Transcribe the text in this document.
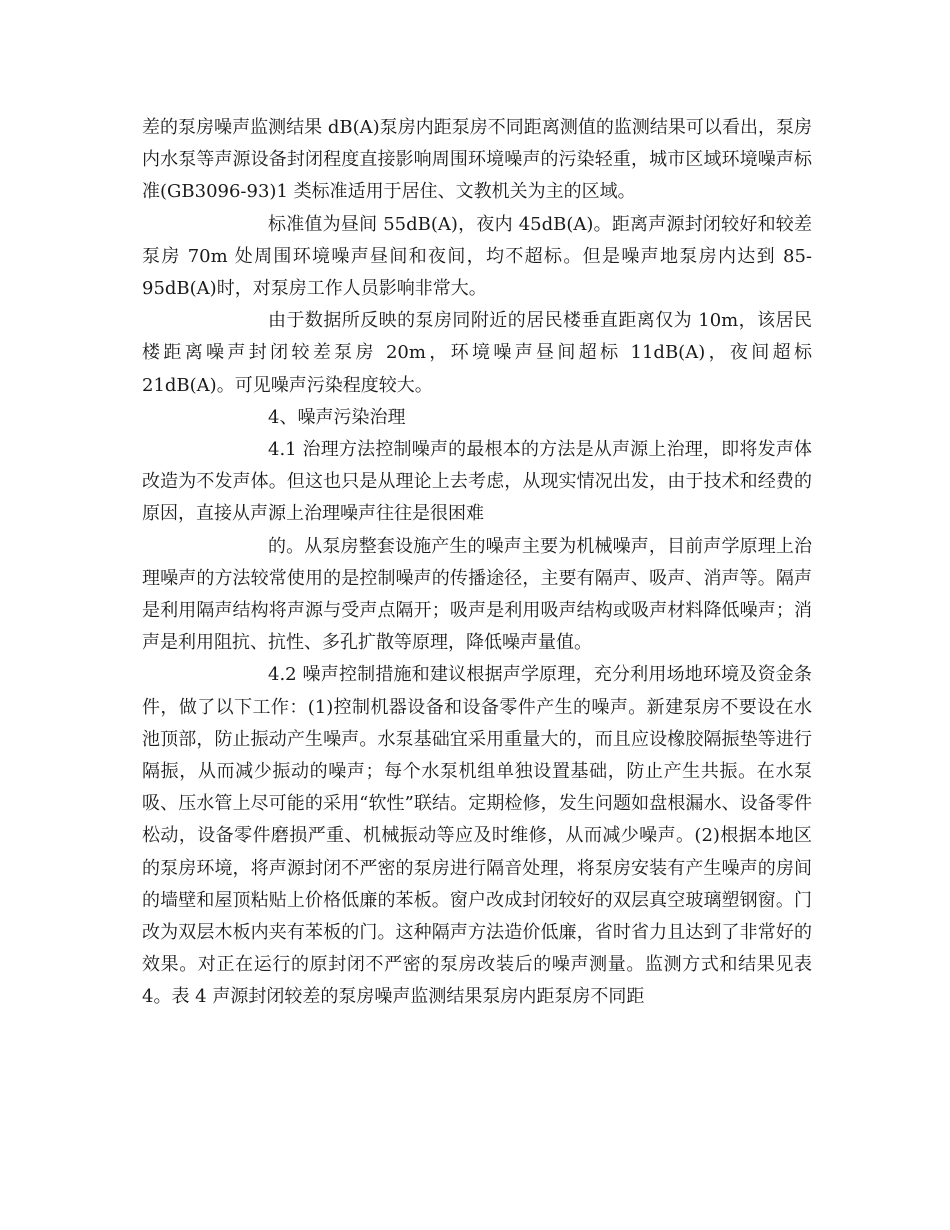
差的泵房噪声监测结果 dB(A)泵房内距泵房不同距离测值的监测结果可以看出，泵房内水泵等声源设备封闭程度直接影响周围环境噪声的污染轻重，城市区域环境噪声标准(GB3096-93)1 类标准适用于居住、文教机关为主的区域。

标准值为昼间 55dB(A)，夜内 45dB(A)。距离声源封闭较好和较差泵房 70m 处周围环境噪声昼间和夜间，均不超标。但是噪声地泵房内达到 85-95dB(A)时，对泵房工作人员影响非常大。

由于数据所反映的泵房同附近的居民楼垂直距离仅为 10m，该居民楼距离噪声封闭较差泵房 20m，环境噪声昼间超标 11dB(A)，夜间超标 21dB(A)。可见噪声污染程度较大。

4、噪声污染治理

4.1 治理方法控制噪声的最根本的方法是从声源上治理，即将发声体改造为不发声体。但这也只是从理论上去考虑，从现实情况出发，由于技术和经费的原因，直接从声源上治理噪声往往是很困难

的。从泵房整套设施产生的噪声主要为机械噪声，目前声学原理上治理噪声的方法较常使用的是控制噪声的传播途径，主要有隔声、吸声、消声等。隔声是利用隔声结构将声源与受声点隔开；吸声是利用吸声结构或吸声材料降低噪声；消声是利用阻抗、抗性、多孔扩散等原理，降低噪声量值。

4.2 噪声控制措施和建议根据声学原理，充分利用场地环境及资金条件，做了以下工作：(1)控制机器设备和设备零件产生的噪声。新建泵房不要设在水池顶部，防止振动产生噪声。水泵基础宜采用重量大的，而且应设橡胶隔振垫等进行隔振，从而减少振动的噪声；每个水泵机组单独设置基础，防止产生共振。在水泵吸、压水管上尽可能的采用“软性”联结。定期检修，发生问题如盘根漏水、设备零件松动，设备零件磨损严重、机械振动等应及时维修，从而减少噪声。(2)根据本地区的泵房环境，将声源封闭不严密的泵房进行隔音处理，将泵房安装有产生噪声的房间的墙壁和屋顶粘贴上价格低廉的苯板。窗户改成封闭较好的双层真空玻璃塑钢窗。门改为双层木板内夹有苯板的门。这种隔声方法造价低廉，省时省力且达到了非常好的效果。对正在运行的原封闭不严密的泵房改装后的噪声测量。监测方式和结果见表 4。表 4 声源封闭较差的泵房噪声监测结果泵房内距泵房不同距
